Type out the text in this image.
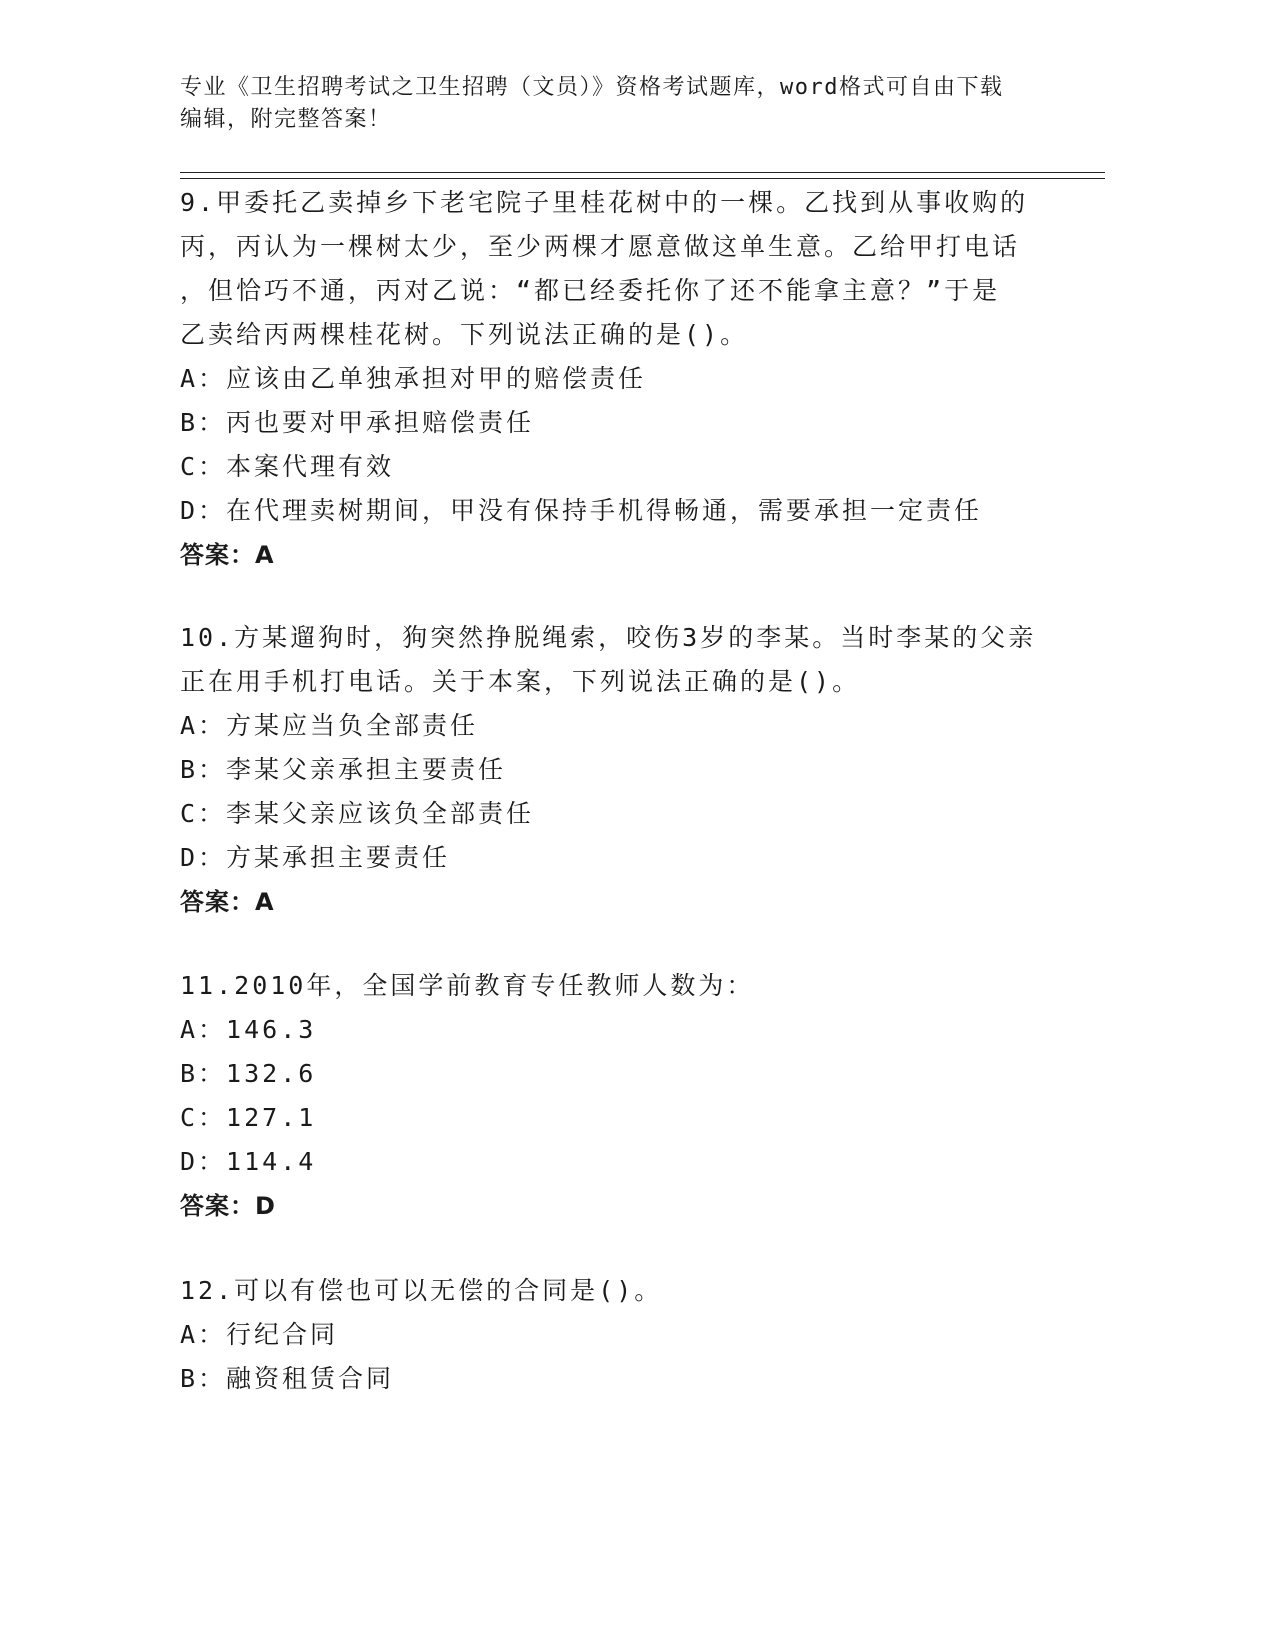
专业《卫生招聘考试之卫生招聘（文员）》资格考试题库，word格式可自由下载
编辑，附完整答案！
9.甲委托乙卖掉乡下老宅院子里桂花树中的一棵。乙找到从事收购的
丙，丙认为一棵树太少，至少两棵才愿意做这单生意。乙给甲打电话
，但恰巧不通，丙对乙说：“都已经委托你了还不能拿主意？”于是
乙卖给丙两棵桂花树。下列说法正确的是()。
A：应该由乙单独承担对甲的赔偿责任
B：丙也要对甲承担赔偿责任
C：本案代理有效
D：在代理卖树期间，甲没有保持手机得畅通，需要承担一定责任
答案：A
10.方某遛狗时，狗突然挣脱绳索，咬伤3岁的李某。当时李某的父亲
正在用手机打电话。关于本案，下列说法正确的是()。
A：方某应当负全部责任
B：李某父亲承担主要责任
C：李某父亲应该负全部责任
D：方某承担主要责任
答案：A
11.2010年，全国学前教育专任教师人数为：
A：146.3
B：132.6
C：127.1
D：114.4
答案：D
12.可以有偿也可以无偿的合同是()。
A：行纪合同
B：融资租赁合同
